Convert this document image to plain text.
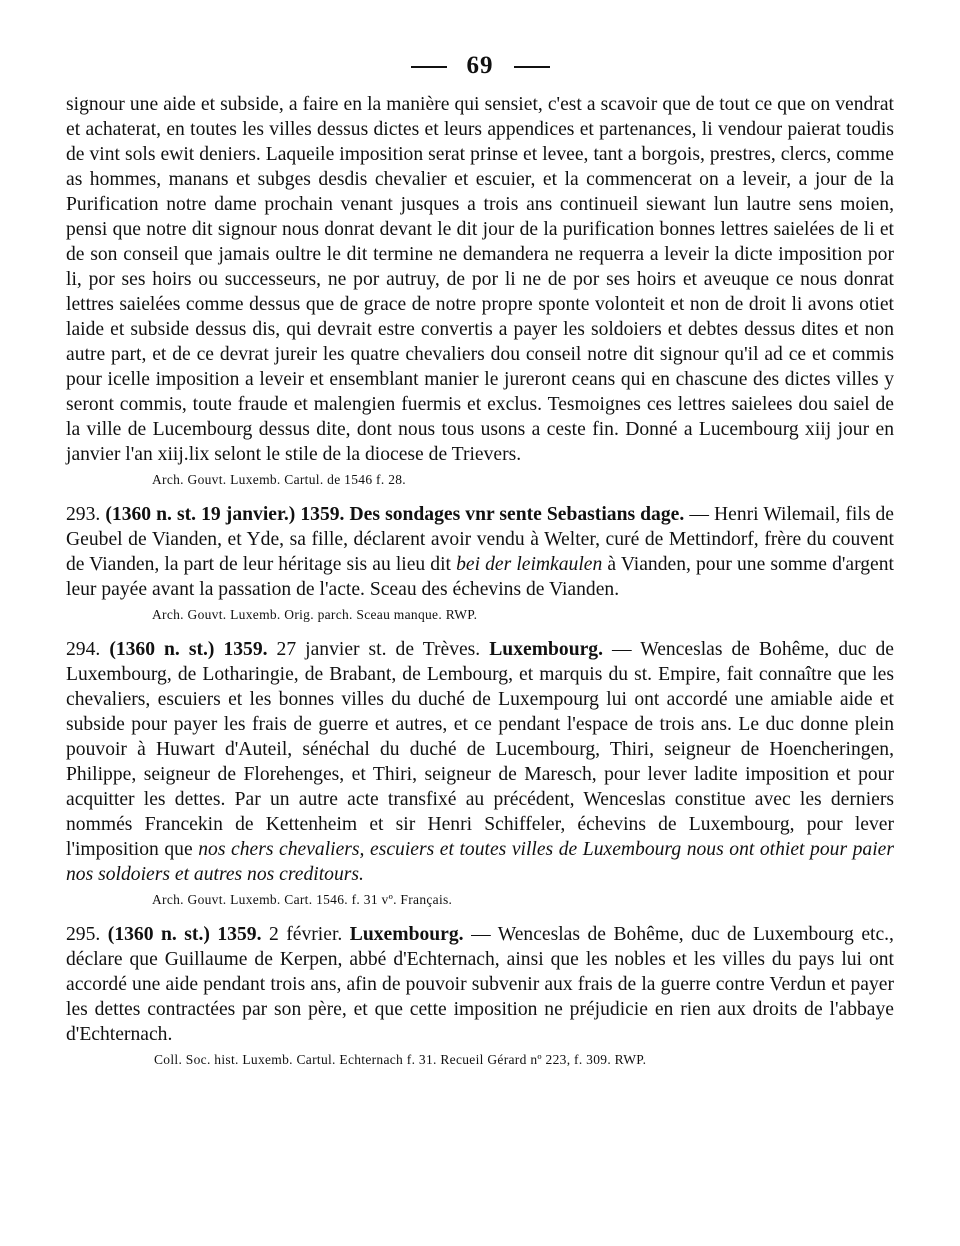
69

signour une aide et subside, a faire en la manière qui sensiet, c'est a scavoir que de tout ce que on vendrat et achaterat, en toutes les villes dessus dictes et leurs appendices et partenances, li vendour paierat toudis de vint sols ewit deniers. Laqueile imposition serat prinse et levee, tant a borgois, prestres, clercs, comme as hommes, manans et subges desdis chevalier et escuier, et la commencerat on a leveir, a jour de la Purification notre dame prochain venant jusques a trois ans continueil siewant lun lautre sens moien, pensi que notre dit signour nous donrat devant le dit jour de la purification bonnes lettres saielées de li et de son conseil que jamais oultre le dit termine ne demandera ne requerra a leveir la dicte imposition por li, por ses hoirs ou successeurs, ne por autruy, de por li ne de por ses hoirs et aveuque ce nous donrat lettres saielées comme dessus que de grace de notre propre sponte volonteit et non de droit li avons otiet laide et subside dessus dis, qui devrait estre convertis a payer les soldoiers et debtes dessus dites et non autre part, et de ce devrat jureir les quatre chevaliers dou conseil notre dit signour qu'il ad ce et commis pour icelle imposition a leveir et ensemblant manier le jureront ceans qui en chascune des dictes villes y seront commis, toute fraude et malengien fuermis et exclus. Tesmoignes ces lettres saielees dou saiel de la ville de Lucembourg dessus dite, dont nous tous usons a ceste fin. Donné a Lucembourg xiij jour en janvier l'an xiij.lix selont le stile de la diocese de Trievers.

Arch. Gouvt. Luxemb. Cartul. de 1546 f. 28.

293. (1360 n. st. 19 janvier.) 1359. Des sondages vnr sente Sebastians dage. — Henri Wilemail, fils de Geubel de Vianden, et Yde, sa fille, déclarent avoir vendu à Welter, curé de Mettindorf, frère du couvent de Vianden, la part de leur héritage sis au lieu dit bei der leimkaulen à Vianden, pour une somme d'argent leur payée avant la passation de l'acte. Sceau des échevins de Vianden.

Arch. Gouvt. Luxemb. Orig. parch. Sceau manque. RWP.

294. (1360 n. st.) 1359. 27 janvier st. de Trèves. Luxembourg. — Wenceslas de Bohême, duc de Luxembourg, de Lotharingie, de Brabant, de Lembourg, et marquis du st. Empire, fait connaître que les chevaliers, escuiers et les bonnes villes du duché de Luxempourg lui ont accordé une amiable aide et subside pour payer les frais de guerre et autres, et ce pendant l'espace de trois ans. Le duc donne plein pouvoir à Huwart d'Auteil, sénéchal du duché de Lucembourg, Thiri, seigneur de Hoencheringen, Philippe, seigneur de Florehenges, et Thiri, seigneur de Maresch, pour lever ladite imposition et pour acquitter les dettes. Par un autre acte transfixé au précédent, Wenceslas constitue avec les derniers nommés Francekin de Kettenheim et sir Henri Schiffeler, échevins de Luxembourg, pour lever l'imposition que nos chers chevaliers, escuiers et toutes villes de Luxembourg nous ont othiet pour paier nos soldoiers et autres nos creditours.

Arch. Gouvt. Luxemb. Cart. 1546. f. 31 vº. Français.

295. (1360 n. st.) 1359. 2 février. Luxembourg. — Wenceslas de Bohême, duc de Luxembourg etc., déclare que Guillaume de Kerpen, abbé d'Echternach, ainsi que les nobles et les villes du pays lui ont accordé une aide pendant trois ans, afin de pouvoir subvenir aux frais de la guerre contre Verdun et payer les dettes contractées par son père, et que cette imposition ne préjudicie en rien aux droits de l'abbaye d'Echternach.

Coll. Soc. hist. Luxemb. Cartul. Echternach f. 31. Recueil Gérard nº 223, f. 309. RWP.
